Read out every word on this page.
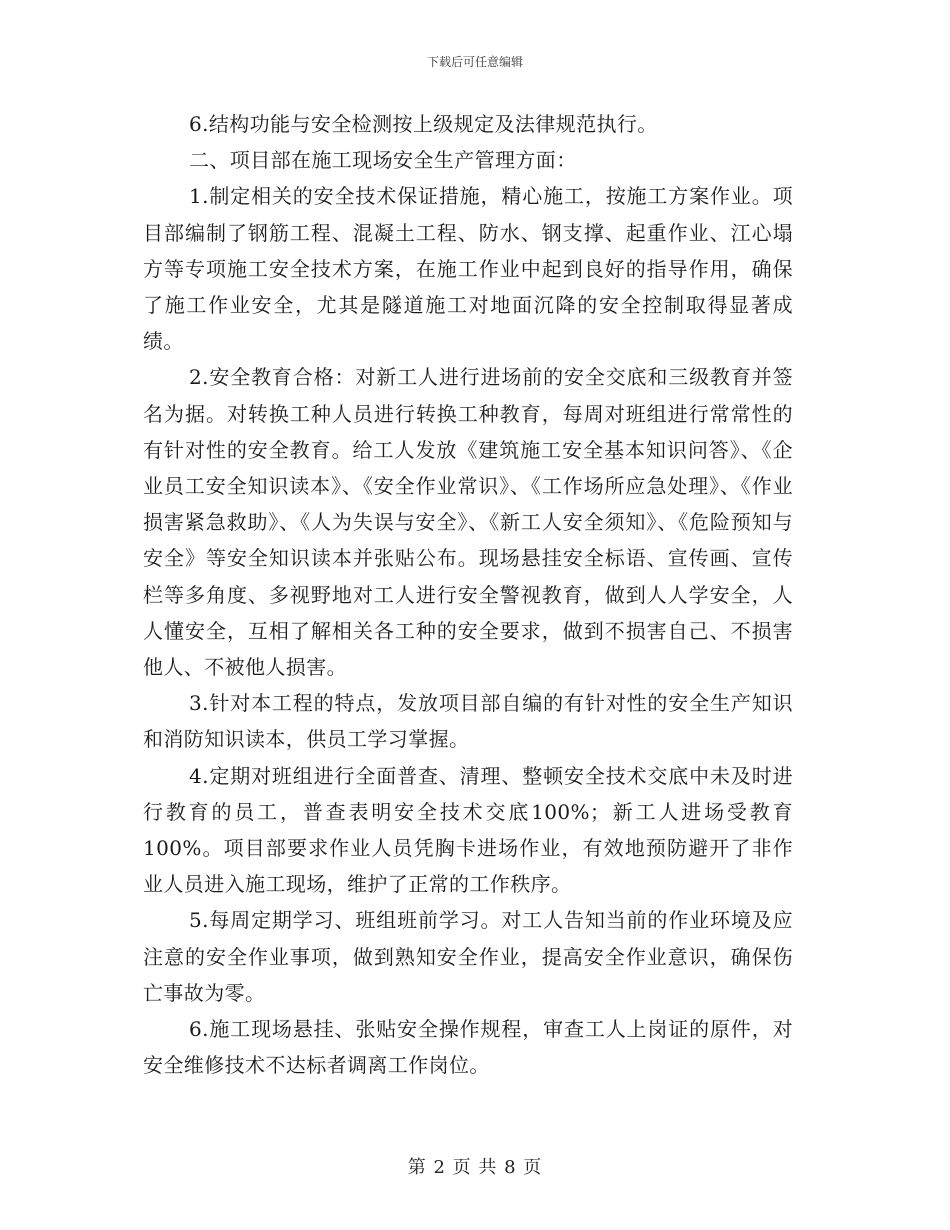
下载后可任意编辑

6.结构功能与安全检测按上级规定及法律规范执行。

二、项目部在施工现场安全生产管理方面：

1.制定相关的安全技术保证措施，精心施工，按施工方案作业。项目部编制了钢筋工程、混凝土工程、防水、钢支撑、起重作业、江心塌方等专项施工安全技术方案，在施工作业中起到良好的指导作用，确保了施工作业安全，尤其是隧道施工对地面沉降的安全控制取得显著成绩。

2.安全教育合格：对新工人进行进场前的安全交底和三级教育并签名为据。对转换工种人员进行转换工种教育，每周对班组进行常常性的有针对性的安全教育。给工人发放《建筑施工安全基本知识问答》、《企业员工安全知识读本》、《安全作业常识》、《工作场所应急处理》、《作业损害紧急救助》、《人为失误与安全》、《新工人安全须知》、《危险预知与安全》等安全知识读本并张贴公布。现场悬挂安全标语、宣传画、宣传栏等多角度、多视野地对工人进行安全警视教育，做到人人学安全，人人懂安全，互相了解相关各工种的安全要求，做到不损害自己、不损害他人、不被他人损害。

3.针对本工程的特点，发放项目部自编的有针对性的安全生产知识和消防知识读本，供员工学习掌握。

4.定期对班组进行全面普查、清理、整顿安全技术交底中未及时进行教育的员工，普查表明安全技术交底100%；新工人进场受教育100%。项目部要求作业人员凭胸卡进场作业，有效地预防避开了非作业人员进入施工现场，维护了正常的工作秩序。

5.每周定期学习、班组班前学习。对工人告知当前的作业环境及应注意的安全作业事项，做到熟知安全作业，提高安全作业意识，确保伤亡事故为零。

6.施工现场悬挂、张贴安全操作规程，审查工人上岗证的原件，对安全维修技术不达标者调离工作岗位。

第 2 页 共 8 页
